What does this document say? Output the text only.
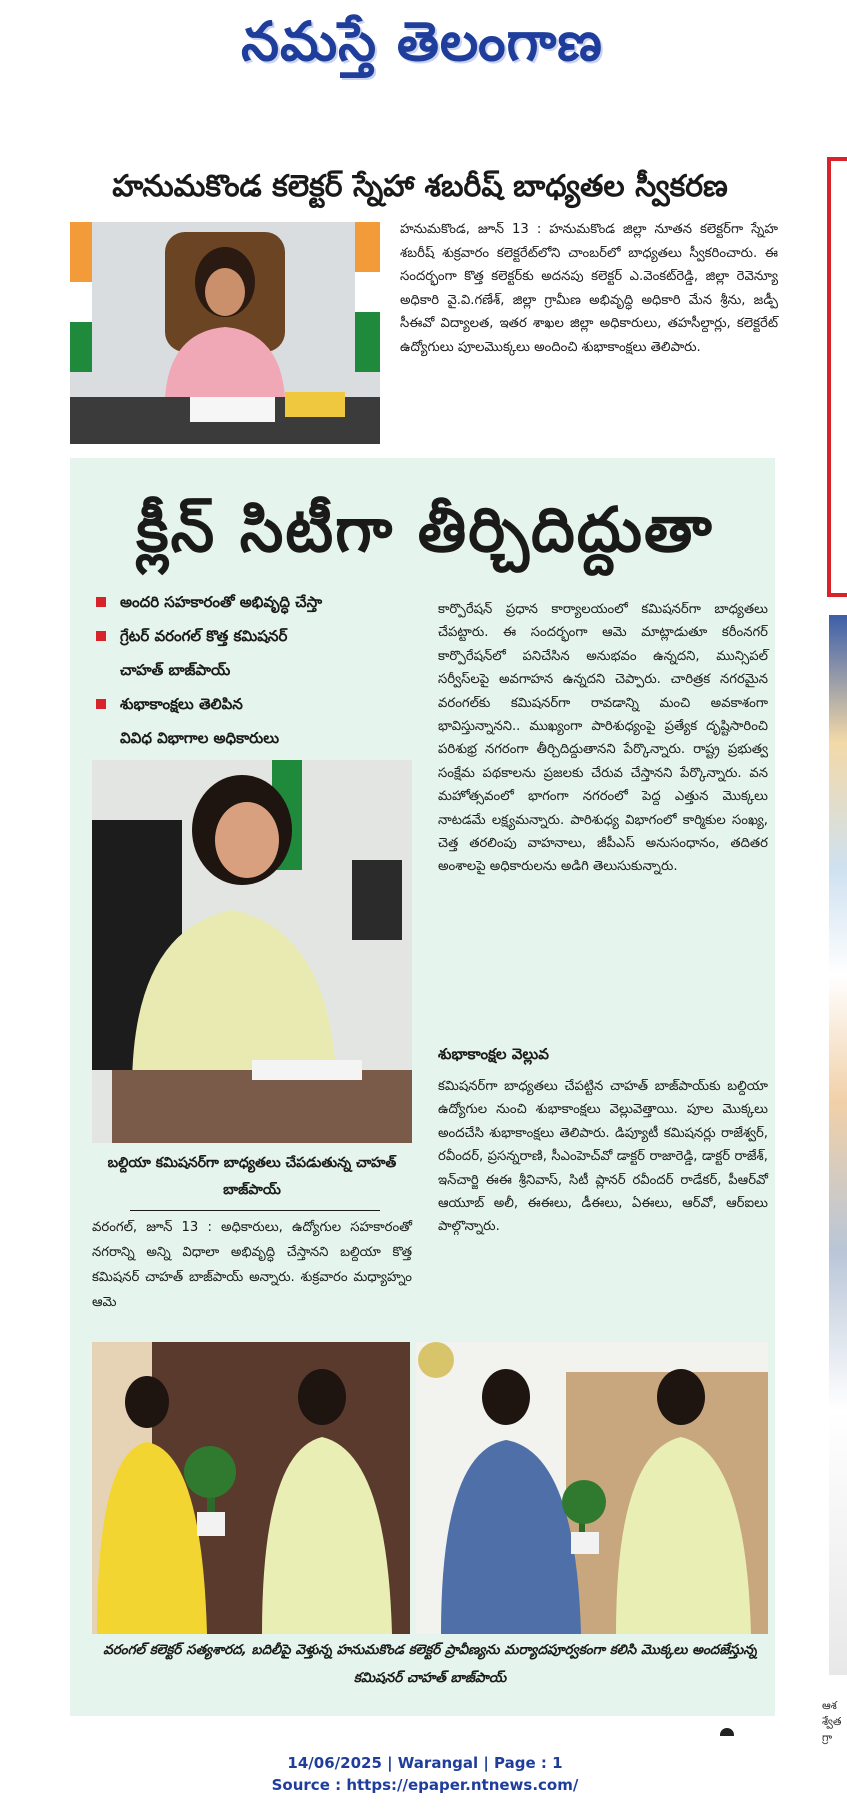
నమస్తే తెలంగాణ
హనుమకొండ కలెక్టర్ స్నేహా శబరీష్ బాధ్యతల స్వీకరణ
హనుమకొండ, జూన్ 13 : హనుమకొండ జిల్లా నూతన కలెక్టర్‌గా స్నేహ శబరీష్ శుక్రవారం కలెక్టరేట్‌లోని చాంబర్‌లో బాధ్యతలు స్వీకరించారు. ఈ సందర్భంగా కొత్త కలెక్టర్‌కు అదనపు కలెక్టర్ ఎ.వెంకట్‌రెడ్డి, జిల్లా రెవెన్యూ అధికారి వై.వి.గణేశ్, జిల్లా గ్రామీణ అభివృద్ధి అధికారి మేన శ్రీను, జడ్పీ సీఈవో విద్యాలత, ఇతర శాఖల జిల్లా అధికారులు, తహసీల్దార్లు, కలెక్టరేట్ ఉద్యోగులు పూలమొక్కలు అందించి శుభాకాంక్షలు తెలిపారు.
ఆశ శ్వేత గ్రా
క్లీన్ సిటీగా తీర్చిదిద్దుతా
అందరి సహకారంతో అభివృద్ధి చేస్తా
గ్రేటర్ వరంగల్ కొత్త కమిషనర్
చాహత్ బాజ్‌పాయ్
శుభాకాంక్షలు తెలిపిన
వివిధ విభాగాల అధికారులు
బల్దియా కమిషనర్‌గా బాధ్యతలు చేపడుతున్న చాహత్ బాజ్‌పాయ్
వరంగల్, జూన్ 13 : అధికారులు, ఉద్యోగుల సహకారంతో నగరాన్ని అన్ని విధాలా అభివృద్ధి చేస్తానని బల్దియా కొత్త కమిషనర్ చాహత్ బాజ్‌పాయ్ అన్నారు. శుక్రవారం మధ్యాహ్నం ఆమె
కార్పొరేషన్ ప్రధాన కార్యాలయంలో కమిషనర్‌గా బాధ్యతలు చేపట్టారు. ఈ సందర్భంగా ఆమె మాట్లాడుతూ కరీంనగర్ కార్పొరేషన్‌లో పనిచేసిన అనుభవం ఉన్నదని, మున్సిపల్ సర్వీస్‌లపై అవగాహన ఉన్నదని చెప్పారు. చారిత్రక నగరమైన వరంగల్‌కు కమిషనర్‌గా రావడాన్ని మంచి అవకాశంగా భావిస్తున్నానని.. ముఖ్యంగా పారిశుధ్యంపై ప్రత్యేక దృష్టిసారించి పరిశుభ్ర నగరంగా తీర్చిదిద్దుతానని పేర్కొన్నారు. రాష్ట్ర ప్రభుత్వ సంక్షేమ పథకాలను ప్రజలకు చేరువ చేస్తానని పేర్కొన్నారు. వన మహోత్సవంలో భాగంగా నగరంలో పెద్ద ఎత్తున మొక్కలు నాటడమే లక్ష్యమన్నారు. పారిశుధ్య విభాగంలో కార్మికుల సంఖ్య, చెత్త తరలింపు వాహనాలు, జీపీఎస్ అనుసంధానం, తదితర అంశాలపై అధికారులను అడిగి తెలుసుకున్నారు.
శుభాకాంక్షల వెల్లువ
కమిషనర్‌గా బాధ్యతలు చేపట్టిన చాహత్ బాజ్‌పాయ్‌కు బల్దియా ఉద్యోగుల నుంచి శుభాకాంక్షలు వెల్లువెత్తాయి. పూల మొక్కలు అందచేసి శుభాకాంక్షలు తెలిపారు. డిప్యూటీ కమిషనర్లు రాజేశ్వర్, రవీందర్, ప్రసన్నరాణి, సీఎంహెచ్‌వో డాక్టర్ రాజారెడ్డి, డాక్టర్ రాజేశ్, ఇన్‌చార్జి ఈఈ శ్రీనివాస్, సిటీ ప్లానర్ రవీందర్ రాడేకర్, పీఆర్‌వో ఆయూబ్ అలీ, ఈఈలు, డీఈలు, ఏఈలు, ఆర్‌వో, ఆర్‌ఐలు పాల్గొన్నారు.
వరంగల్ కలెక్టర్ సత్యశారద, బదిలీపై వెళ్తున్న హనుమకొండ కలెక్టర్ ప్రావీణ్యను మర్యాదపూర్వకంగా కలిసి మొక్కలు అందజేస్తున్న కమిషనర్ చాహత్ బాజ్‌పాయ్
14/06/2025 | Warangal | Page : 1
Source : https://epaper.ntnews.com/
